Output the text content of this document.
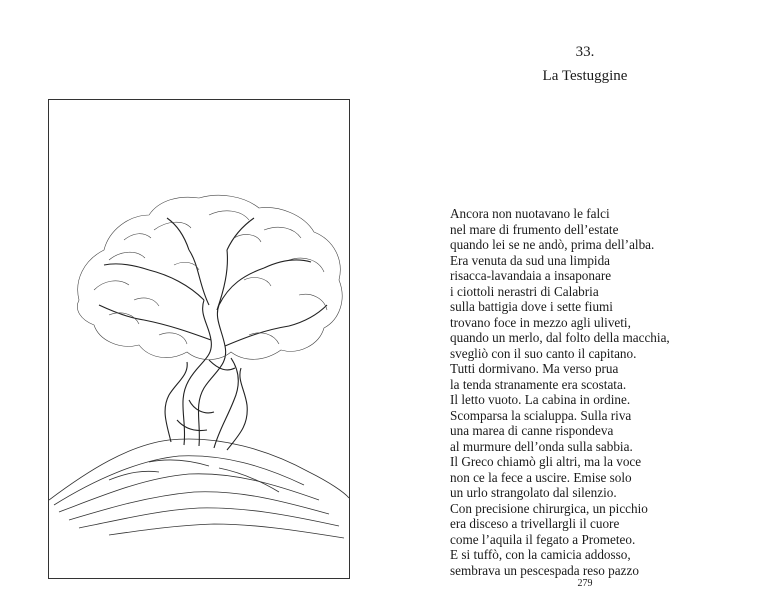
33.
La Testuggine
Ancora non nuotavano le falci
nel mare di frumento dell’estate
quando lei se ne andò, prima dell’alba.
Era venuta da sud una limpida
risacca-lavandaia a insaponare
i ciottoli nerastri di Calabria
sulla battigia dove i sette fiumi
trovano foce in mezzo agli uliveti,
quando un merlo, dal folto della macchia,
svegliò con il suo canto il capitano.
Tutti dormivano. Ma verso prua
la tenda stranamente era scostata.
Il letto vuoto. La cabina in ordine.
Scomparsa la scialuppa. Sulla riva
una marea di canne rispondeva
al murmure dell’onda sulla sabbia.
Il Greco chiamò gli altri, ma la voce
non ce la fece a uscire. Emise solo
un urlo strangolato dal silenzio.
Con precisione chirurgica, un picchio
era disceso a trivellargli il cuore
come l’aquila il fegato a Prometeo.
E si tuffò, con la camicia addosso,
sembrava un pescespada reso pazzo
279
